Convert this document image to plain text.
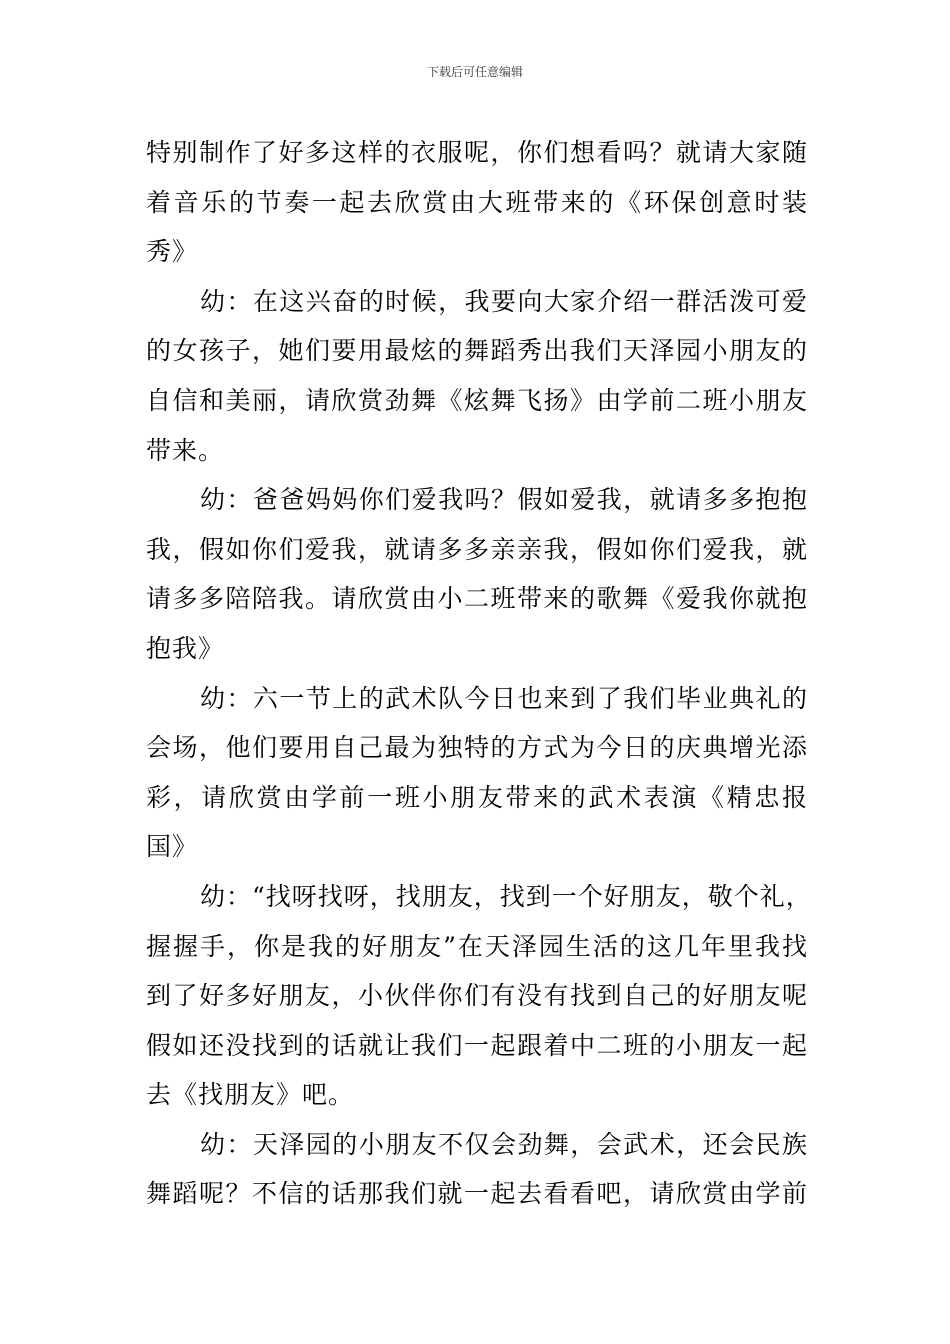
下载后可任意编辑
特别制作了好多这样的衣服呢，你们想看吗？就请大家随
着音乐的节奏一起去欣赏由大班带来的《环保创意时装
秀》
幼：在这兴奋的时候，我要向大家介绍一群活泼可爱
的女孩子，她们要用最炫的舞蹈秀出我们天泽园小朋友的
自信和美丽，请欣赏劲舞《炫舞飞扬》由学前二班小朋友
带来。
幼：爸爸妈妈你们爱我吗？假如爱我，就请多多抱抱
我，假如你们爱我，就请多多亲亲我，假如你们爱我，就
请多多陪陪我。请欣赏由小二班带来的歌舞《爱我你就抱
抱我》
幼：六一节上的武术队今日也来到了我们毕业典礼的
会场，他们要用自己最为独特的方式为今日的庆典增光添
彩，请欣赏由学前一班小朋友带来的武术表演《精忠报
国》
幼：“找呀找呀，找朋友，找到一个好朋友，敬个礼，
握握手，你是我的好朋友”在天泽园生活的这几年里我找
到了好多好朋友，小伙伴你们有没有找到自己的好朋友呢
假如还没找到的话就让我们一起跟着中二班的小朋友一起
去《找朋友》吧。
幼：天泽园的小朋友不仅会劲舞，会武术，还会民族
舞蹈呢？不信的话那我们就一起去看看吧，请欣赏由学前
